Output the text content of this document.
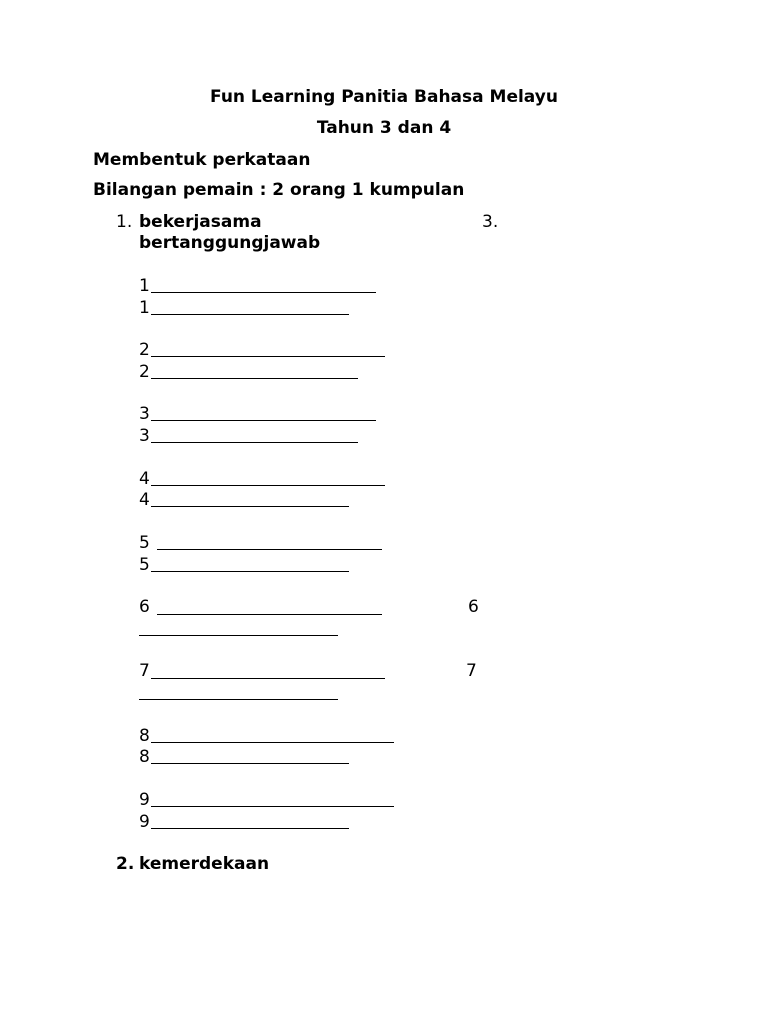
Fun Learning Panitia Bahasa Melayu
Tahun 3 dan 4
Membentuk perkataan
Bilangan pemain : 2 orang 1 kumpulan
1. bekerjasama	3.
bertanggungjawab
1
1
2
2
3
3
4
4
5
5
6	6
7	7
8
8
9
9
2. kemerdekaan
